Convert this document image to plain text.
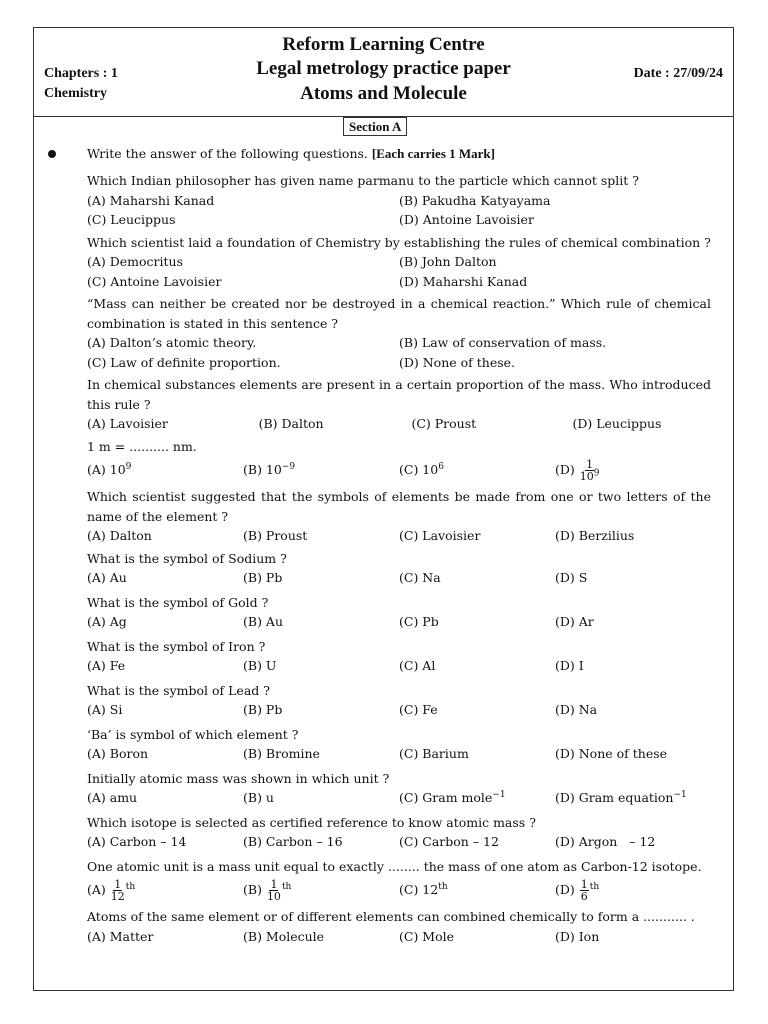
Reform Learning Centre
Legal metrology practice paper
Atoms and Molecule
Chapters : 1
Chemistry
Date : 27/09/24
Section A
Write the answer of the following questions. [Each carries 1 Mark]
Which Indian philosopher has given name parmanu to the particle which cannot split ?
(A) Maharshi Kanad	(B) Pakudha Katyayama
(C) Leucippus	(D) Antoine Lavoisier
Which scientist laid a foundation of Chemistry by establishing the rules of chemical combination ?
(A) Democritus	(B) John Dalton
(C) Antoine Lavoisier	(D) Maharshi Kanad
“Mass can neither be created nor be destroyed in a chemical reaction.” Which rule of chemical combination is stated in this sentence ?
(A) Dalton’s atomic theory.	(B) Law of conservation of mass.
(C) Law of definite proportion.	(D) None of these.
In chemical substances elements are present in a certain proportion of the mass. Who introduced this rule ?
(A) Lavoisier	(B) Dalton	(C) Proust	(D) Leucippus
1 m = .......... nm.
(A) $10^9$	(B) $10^{-9}$	(C) $10^6$	$(D) \frac{1}{10^9}$
Which scientist suggested that the symbols of elements be made from one or two letters of the name of the element ?
(A) Dalton	(B) Proust	(C) Lavoisier	(D) Berzilius
What is the symbol of Sodium ?
(A) Au	(B) Pb	(C) Na	(D) S
What is the symbol of Gold ?
(A) Ag	(B) Au	(C) Pb	(D) Ar
What is the symbol of Iron ?
(A) Fe	(B) U	(C) Al	(D) I
What is the symbol of Lead ?
(A) Si	(B) Pb	(C) Fe	(D) Na
‘Ba’ is symbol of which element ?
(A) Boron	(B) Bromine	(C) Barium	(D) None of these
Initially atomic mass was shown in which unit ?
(A) amu	(B) u	(C) Gram mole$^{-1}$	(D) Gram equation$^{-1}$
Which isotope is selected as certified reference to know atomic mass ?
(A) Carbon – 14	(B) Carbon – 16	(C) Carbon – 12	(D) Argon   – 12
One atomic unit is a mass unit equal to exactly ........ the mass of one atom as Carbon-12 isotope.
$(A) \frac{1}{12} ^{th}$	$(B) \frac{1}{10} ^{th}$	(C) 12th	$(D) \frac{1}{6} ^{th}$
Atoms of the same element or of different elements can combined chemically to form a ........... .
(A) Matter	(B) Molecule	(C) Mole	(D) Ion
